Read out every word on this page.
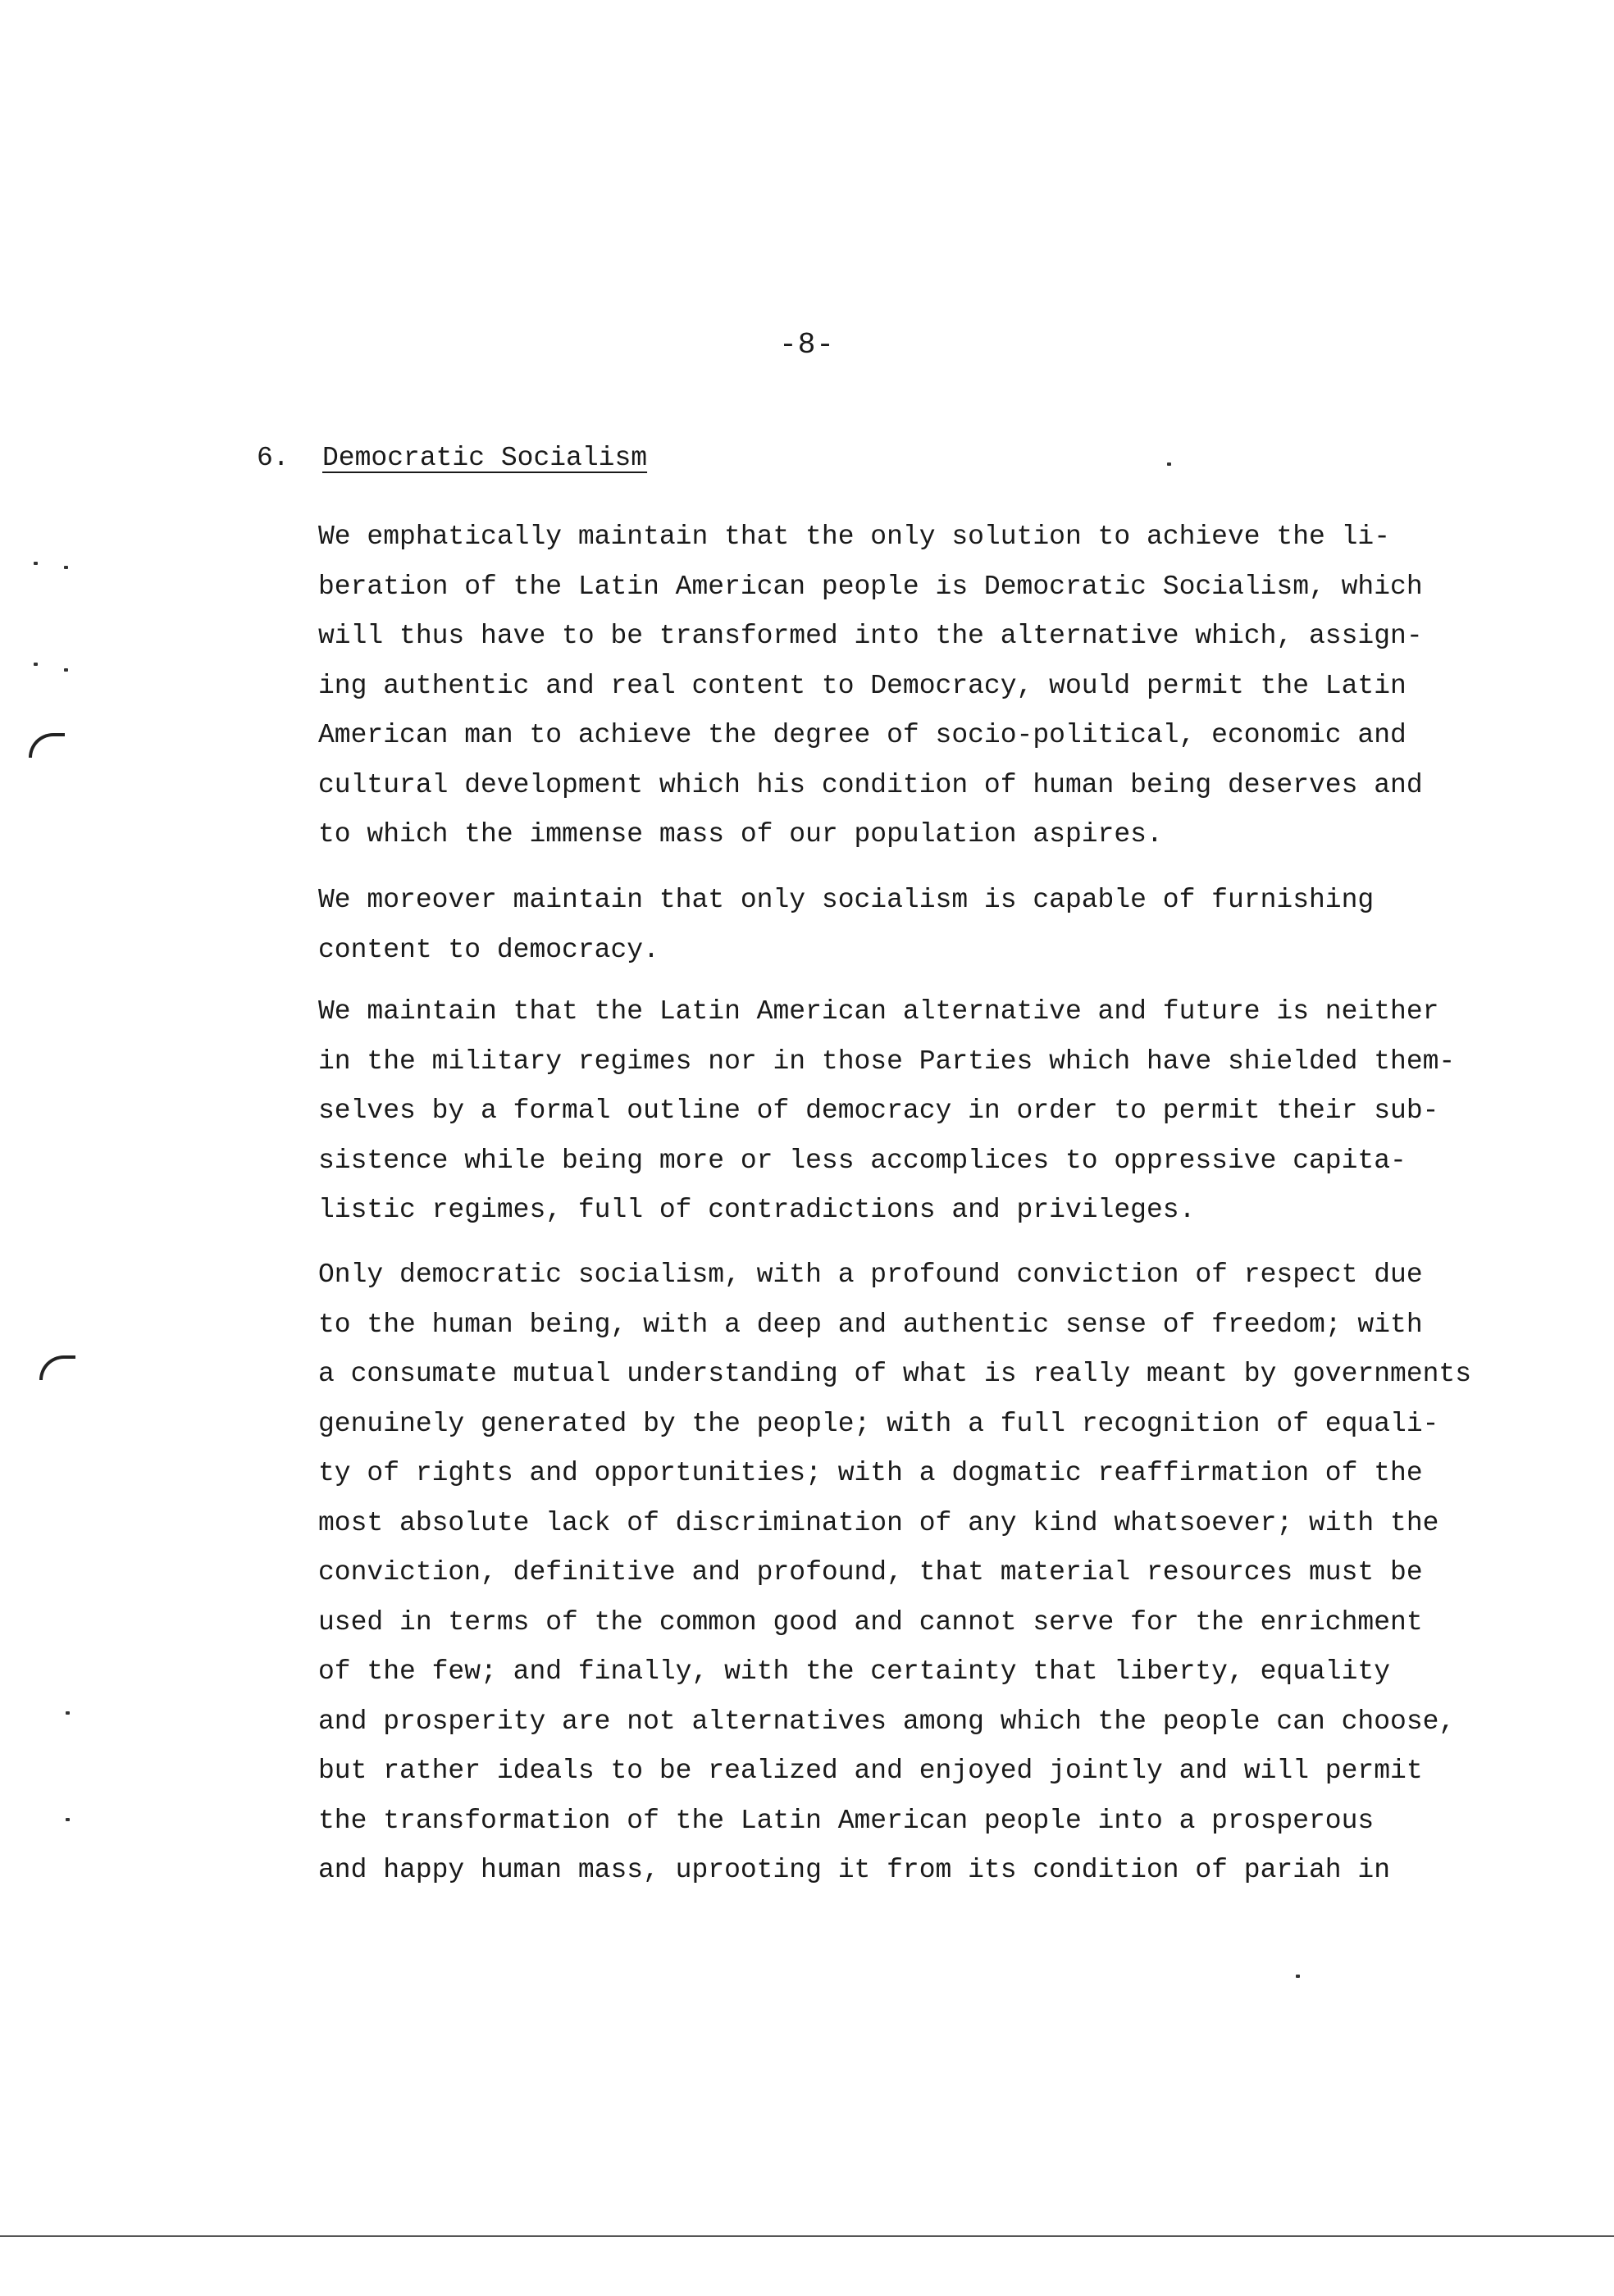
-8-
6. Democratic Socialism
We emphatically maintain that the only solution to achieve the li-
beration of the Latin American people is Democratic Socialism, which
will thus have to be transformed into the alternative which, assign-
ing authentic and real content to Democracy, would permit the Latin
American man to achieve the degree of socio-political, economic and
cultural development which his condition of human being deserves and
to which the immense mass of our population aspires.
We moreover maintain that only socialism is capable of furnishing
content to democracy.
We maintain that the Latin American alternative and future is neither
in the military regimes nor in those Parties which have shielded them-
selves by a formal outline of democracy in order to permit their sub-
sistence while being more or less accomplices to oppressive capita-
listic regimes, full of contradictions and privileges.
Only democratic socialism, with a profound conviction of respect due
to the human being, with a deep and authentic sense of freedom; with
a consumate mutual understanding of what is really meant by governments
genuinely generated by the people; with a full recognition of equali-
ty of rights and opportunities; with a dogmatic reaffirmation of the
most absolute lack of discrimination of any kind whatsoever; with the
conviction, definitive and profound, that material resources must be
used in terms of the common good and cannot serve for the enrichment
of the few; and finally, with the certainty that liberty, equality
and prosperity are not alternatives among which the people can choose,
but rather ideals to be realized and enjoyed jointly and will permit
the transformation of the Latin American people into a prosperous
and happy human mass, uprooting it from its condition of pariah in
